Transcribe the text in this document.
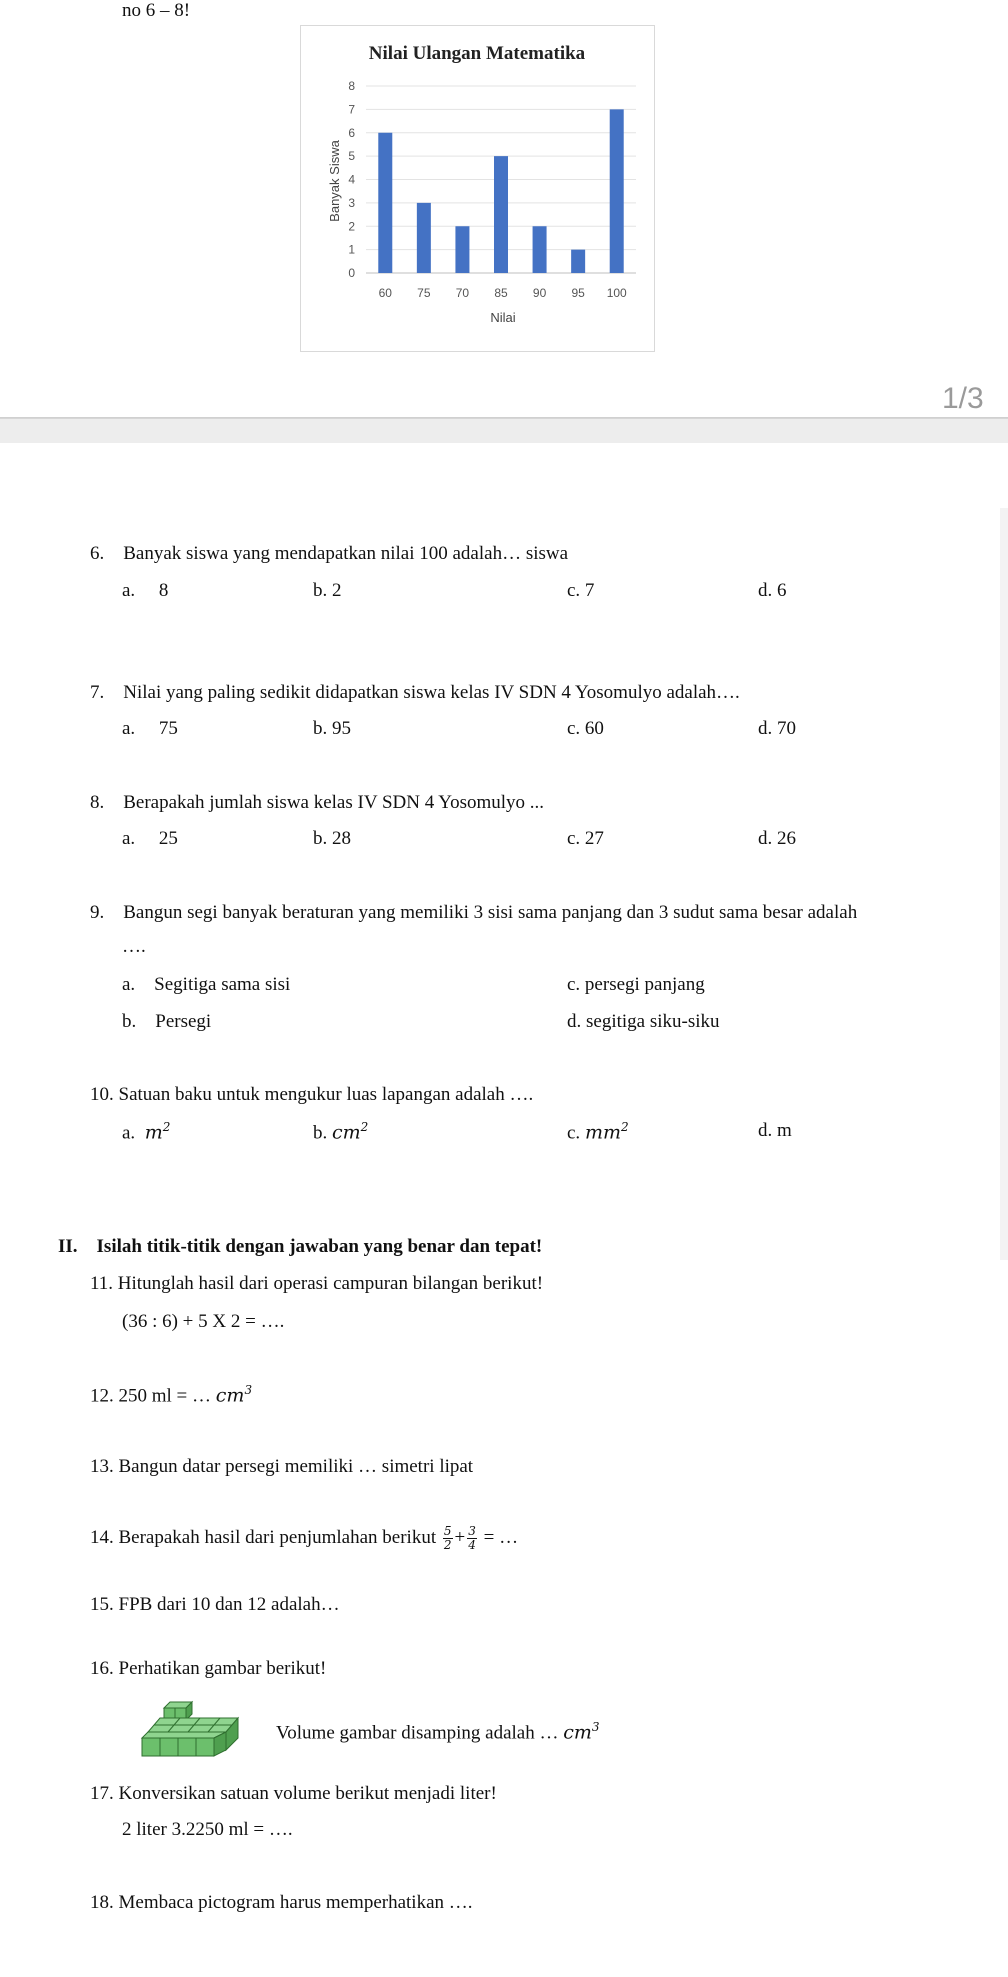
no 6 – 8!
Nilai Ulangan Matematika
Banyak Siswa
Nilai
0
1
2
3
4
5
6
7
8
60 75 70 85 90 95 100
1/3
6. Banyak siswa yang mendapatkan nilai 100 adalah… siswa
a.  8	b. 2	c. 7	d. 6
7. Nilai yang paling sedikit didapatkan siswa kelas IV SDN 4 Yosomulyo adalah….
a.  75	b. 95	c. 60	d. 70
8. Berapakah jumlah siswa kelas IV SDN 4 Yosomulyo ...
a.  25	b. 28	c. 27	d. 26
9. Bangun segi banyak beraturan yang memiliki 3 sisi sama panjang dan 3 sudut sama besar adalah
….
a. Segitiga sama sisi	c. persegi panjang
b. Persegi	d. segitiga siku-siku
10. Satuan baku untuk mengukur luas lapangan adalah ….
a. $m^2$	b. $cm^2$	c. $mm^2$	d. m
II. Isilah titik-titik dengan jawaban yang benar dan tepat!
11. Hitunglah hasil dari operasi campuran bilangan berikut!
(36 : 6) + 5 X 2 = ….
12. 250 ml = … $cm^3$
13. Bangun datar persegi memiliki … simetri lipat
14. Berapakah hasil dari penjumlahan berikut $\frac{5}{2} + \frac{3}{4}$ = …
15. FPB dari 10 dan 12 adalah…
16. Perhatikan gambar berikut!
Volume gambar disamping adalah … $cm^3$
17. Konversikan satuan volume berikut menjadi liter!
2 liter 3.2250 ml = ….
18. Membaca pictogram harus memperhatikan ….
